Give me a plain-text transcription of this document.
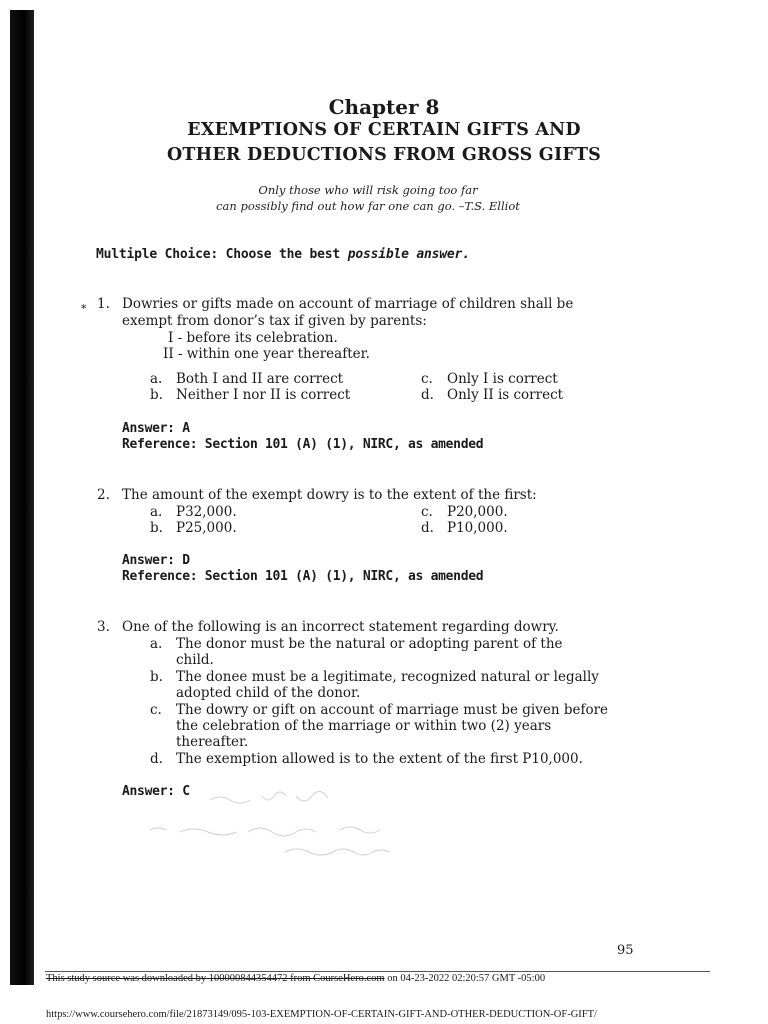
Chapter 8
EXEMPTIONS OF CERTAIN GIFTS AND
OTHER DEDUCTIONS FROM GROSS GIFTS
Only those who will risk going too far
can possibly find out how far one can go. –T.S. Elliot
Multiple Choice: Choose the best possible answer.
∗ 1. Dowries or gifts made on account of marriage of children shall be
exempt from donor’s tax if given by parents:
I - before its celebration.
II - within one year thereafter.
a. Both I and II are correct
b. Neither I nor II is correct
c. Only I is correct
d. Only II is correct
Answer: A
Reference: Section 101 (A) (1), NIRC, as amended
2. The amount of the exempt dowry is to the extent of the first:
a. P32,000.
b. P25,000.
c. P20,000.
d. P10,000.
Answer: D
Reference: Section 101 (A) (1), NIRC, as amended
3. One of the following is an incorrect statement regarding dowry.
a. The donor must be the natural or adopting parent of the
child.
b. The donee must be a legitimate, recognized natural or legally
adopted child of the donor.
c. The dowry or gift on account of marriage must be given before
the celebration of the marriage or within two (2) years
thereafter.
d. The exemption allowed is to the extent of the first P10,000.
Answer: C
95
This study source was downloaded by 100000844354472 from CourseHero.com on 04-23-2022 02:20:57 GMT -05:00
https://www.coursehero.com/file/21873149/095-103-EXEMPTION-OF-CERTAIN-GIFT-AND-OTHER-DEDUCTION-OF-GIFT/
